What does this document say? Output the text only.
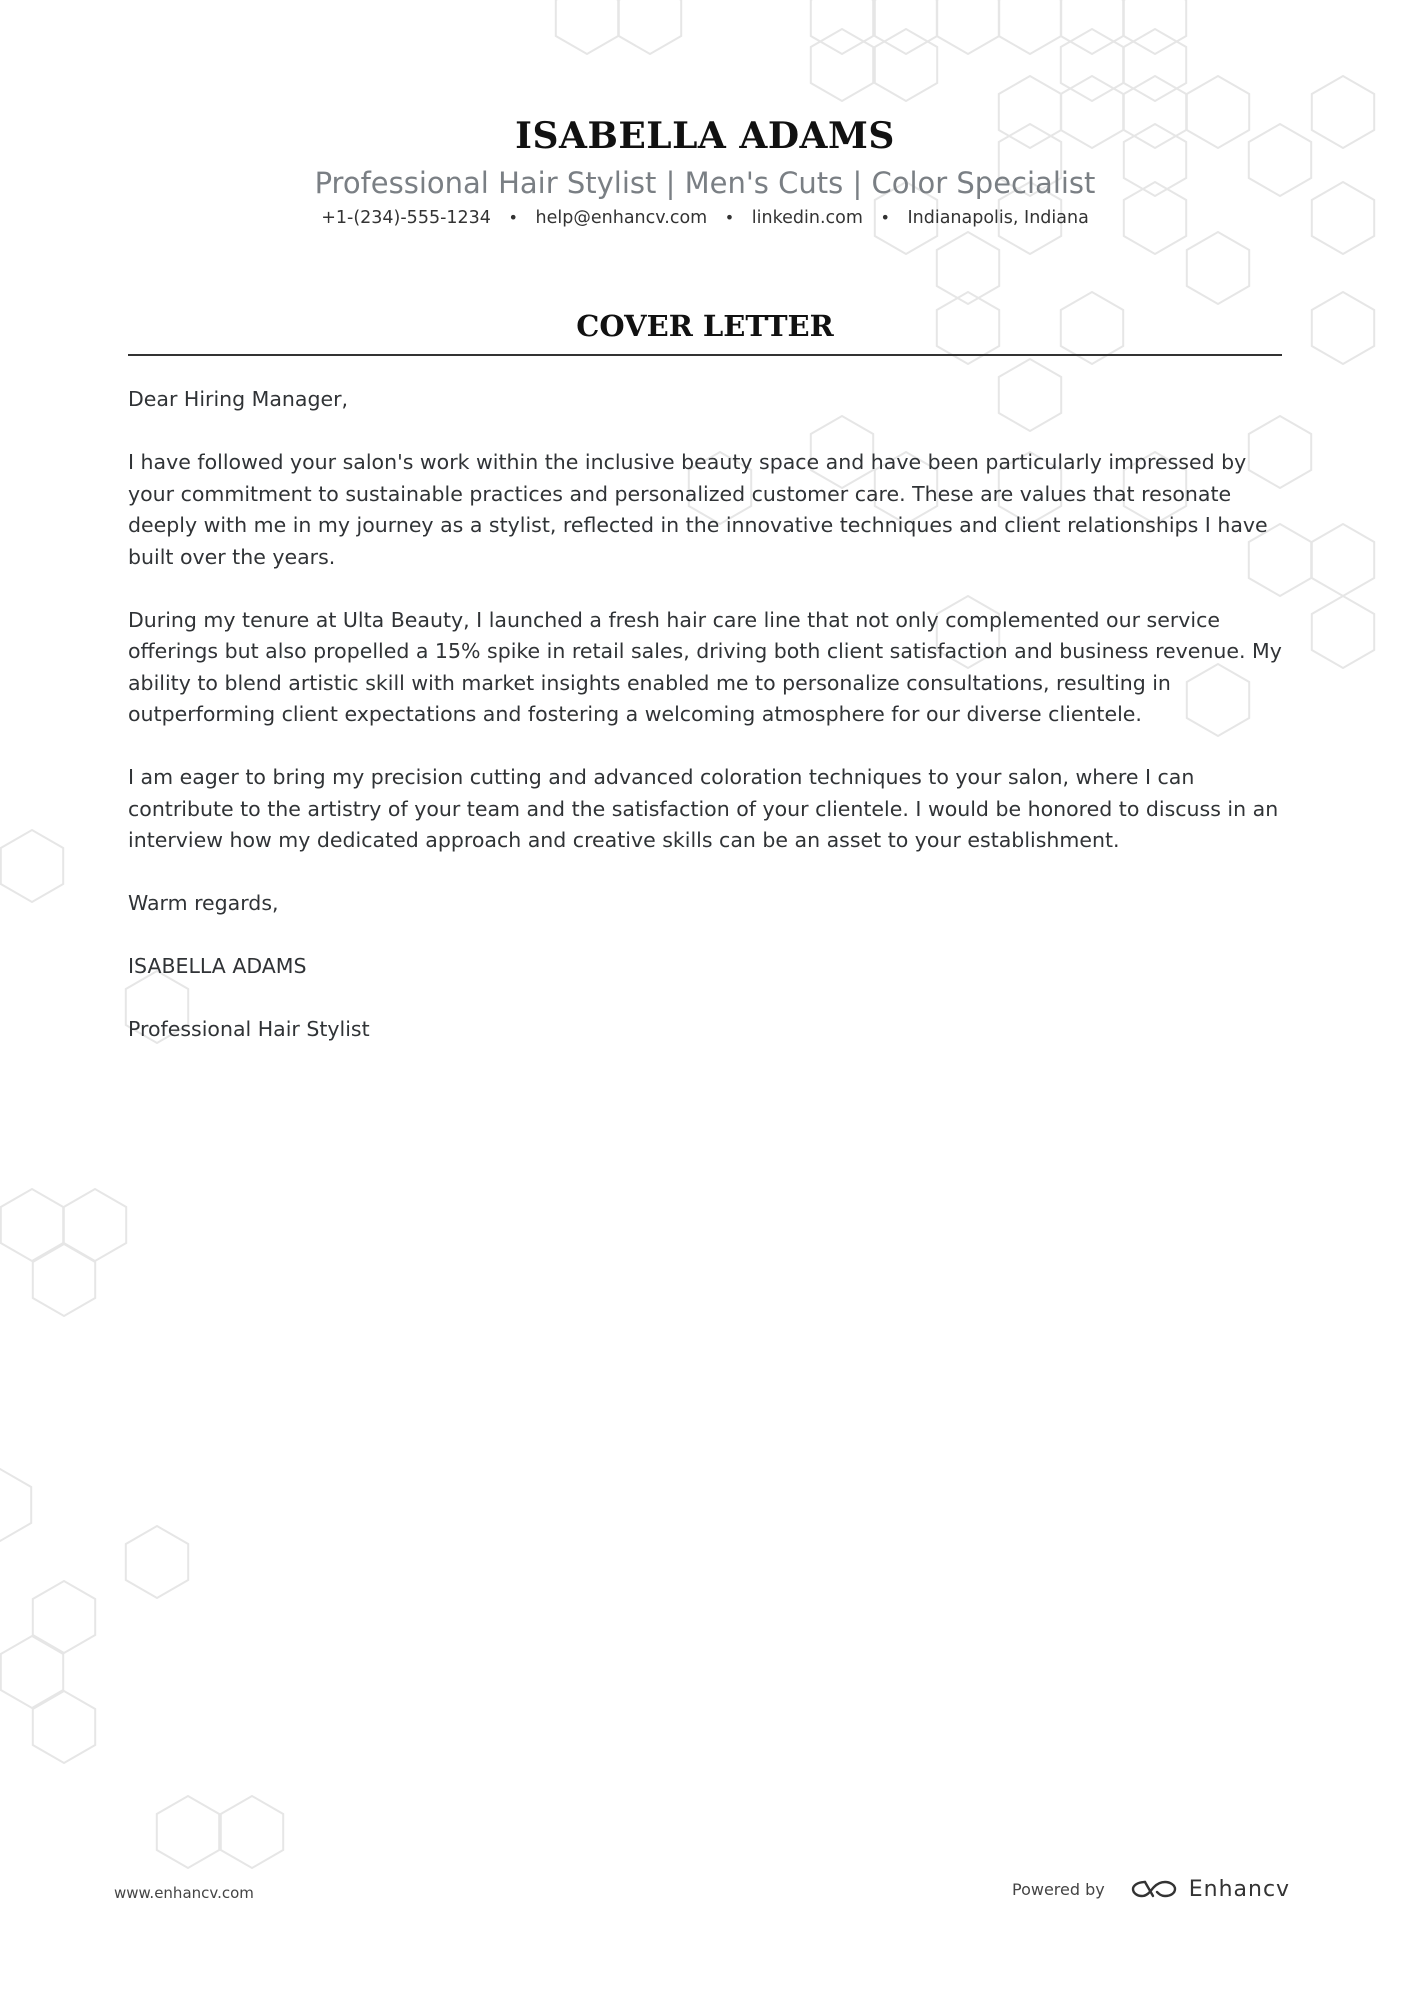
ISABELLA ADAMS
Professional Hair Stylist | Men's Cuts | Color Specialist
+1-(234)-555-1234 • help@enhancv.com • linkedin.com • Indianapolis, Indiana
COVER LETTER

Dear Hiring Manager,

I have followed your salon's work within the inclusive beauty space and have been particularly impressed by your commitment to sustainable practices and personalized customer care. These are values that resonate deeply with me in my journey as a stylist, reflected in the innovative techniques and client relationships I have built over the years.

During my tenure at Ulta Beauty, I launched a fresh hair care line that not only complemented our service offerings but also propelled a 15% spike in retail sales, driving both client satisfaction and business revenue. My ability to blend artistic skill with market insights enabled me to personalize consultations, resulting in outperforming client expectations and fostering a welcoming atmosphere for our diverse clientele.

I am eager to bring my precision cutting and advanced coloration techniques to your salon, where I can contribute to the artistry of your team and the satisfaction of your clientele. I would be honored to discuss in an interview how my dedicated approach and creative skills can be an asset to your establishment.

Warm regards,

ISABELLA ADAMS

Professional Hair Stylist

www.enhancv.com	Powered by	Enhancv
